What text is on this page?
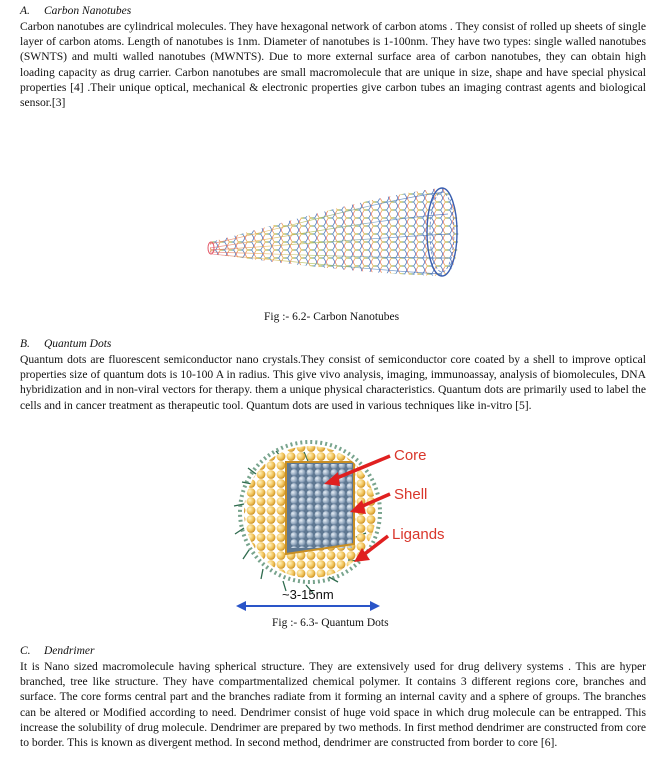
A. Carbon Nanotubes

Carbon nanotubes are cylindrical molecules. They have hexagonal network of carbon atoms . They consist of rolled up sheets of single layer of carbon atoms. Length of nanotubes is 1nm. Diameter of nanotubes is 1-100nm. They have two types: single walled nanotubes (SWNTS) and multi walled nanotubes (MWNTS). Due to more external surface area of carbon nanotubes, they can obtain high loading capacity as drug carrier. Carbon nanotubes are small macromolecule that are unique in size, shape and have special physical properties [4] .Their unique optical, mechanical & electronic properties give carbon tubes an imaging contrast agents and biological sensor.[3]

Fig :- 6.2- Carbon Nanotubes
B. Quantum Dots

Quantum dots are fluorescent semiconductor nano crystals.They consist of semiconductor core coated by a shell to improve optical properties size of quantum dots is 10-100 A in radius. This give vivo analysis, imaging, immunoassay, analysis of biomolecules, DNA hybridization and in non-viral vectors for therapy. them a unique physical characteristics. Quantum dots are primarily used to label the cells and in cancer treatment as therapeutic tool. Quantum dots are used in various techniques like in-vitro [5].

Core
Shell
Ligands
~3-15nm
Fig :- 6.3- Quantum Dots
C. Dendrimer

It is Nano sized macromolecule having spherical structure. They are extensively used for drug delivery systems . This are hyper branched, tree like structure. They have compartmentalized chemical polymer. It contains 3 different regions core, branches and surface. The core forms central part and the branches radiate from it forming an internal cavity and a sphere of groups. The branches can be altered or Modified according to need. Dendrimer consist of huge void space in which drug molecule can be entrapped. This increase the solubility of drug molecule. Dendrimer are prepared by two methods. In first method dendrimer are constructed from core to border. This is known as divergent method. In second method, dendrimer are constructed from border to core [6].
